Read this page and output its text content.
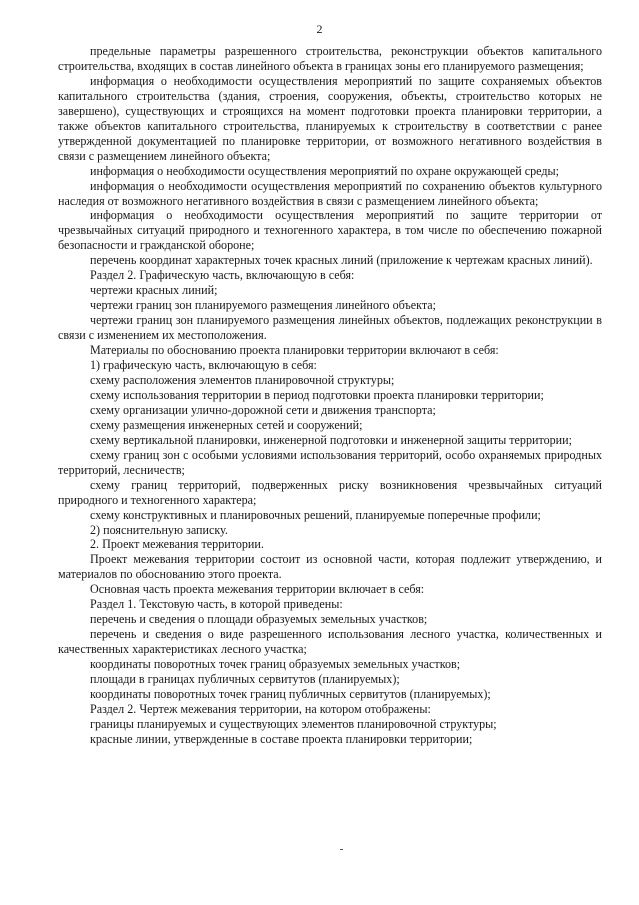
2

предельные параметры разрешенного строительства, реконструкции объектов капитального строительства, входящих в состав линейного объекта в границах зоны его планируемого размещения;

информация о необходимости осуществления мероприятий по защите сохраняемых объектов капитального строительства (здания, строения, сооружения, объекты, строительство которых не завершено), существующих и строящихся на момент подготовки проекта планировки территории, а также объектов капитального строительства, планируемых к строительству в соответствии с ранее утвержденной документацией по планировке территории, от возможного негативного воздействия в связи с размещением линейного объекта;

информация о необходимости осуществления мероприятий по охране окружающей среды;

информация о необходимости осуществления мероприятий по сохранению объектов культурного наследия от возможного негативного воздействия в связи с размещением линейного объекта;

информация о необходимости осуществления мероприятий по защите территории от чрезвычайных ситуаций природного и техногенного характера, в том числе по обеспечению пожарной безопасности и гражданской обороне;

перечень координат характерных точек красных линий (приложение к чертежам красных линий).

Раздел 2. Графическую часть, включающую в себя:

чертежи красных линий;

чертежи границ зон планируемого размещения линейного объекта;

чертежи границ зон планируемого размещения линейных объектов, подлежащих реконструкции в связи с изменением их местоположения.

Материалы по обоснованию проекта планировки территории включают в себя:

1) графическую часть, включающую в себя:

схему расположения элементов планировочной структуры;

схему использования территории в период подготовки проекта планировки территории;

схему организации улично-дорожной сети и движения транспорта;

схему размещения инженерных сетей и сооружений;

схему вертикальной планировки, инженерной подготовки и инженерной защиты территории;

схему границ зон с особыми условиями использования территорий, особо охраняемых природных территорий, лесничеств;

схему границ территорий, подверженных риску возникновения чрезвычайных ситуаций природного и техногенного характера;

схему конструктивных и планировочных решений, планируемые поперечные профили;

2) пояснительную записку.

2. Проект межевания территории.

Проект межевания территории состоит из основной части, которая подлежит утверждению, и материалов по обоснованию этого проекта.

Основная часть проекта межевания территории включает в себя:

Раздел 1. Текстовую часть, в которой приведены:

перечень и сведения о площади образуемых земельных участков;

перечень и сведения о виде разрешенного использования лесного участка, количественных и качественных характеристиках лесного участка;

координаты поворотных точек границ образуемых земельных участков;

площади в границах публичных сервитутов (планируемых);

координаты поворотных точек границ публичных сервитутов (планируемых);

Раздел 2. Чертеж межевания территории, на котором отображены:

границы планируемых и существующих элементов планировочной структуры;

красные линии, утвержденные в составе проекта планировки территории;
